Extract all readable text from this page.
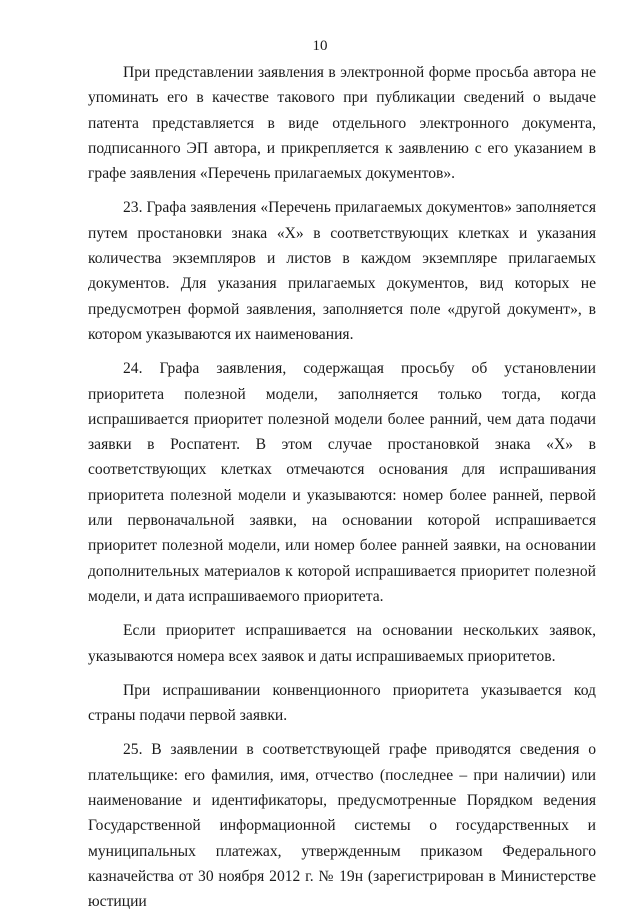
10

При представлении заявления в электронной форме просьба автора не упоминать его в качестве такового при публикации сведений о выдаче патента представляется в виде отдельного электронного документа, подписанного ЭП автора, и прикрепляется к заявлению с его указанием в графе заявления «Перечень прилагаемых документов».

23. Графа заявления «Перечень прилагаемых документов» заполняется путем простановки знака «Х» в соответствующих клетках и указания количества экземпляров и листов в каждом экземпляре прилагаемых документов. Для указания прилагаемых документов, вид которых не предусмотрен формой заявления, заполняется поле «другой документ», в котором указываются их наименования.

24. Графа заявления, содержащая просьбу об установлении приоритета полезной модели, заполняется только тогда, когда испрашивается приоритет полезной модели более ранний, чем дата подачи заявки в Роспатент. В этом случае простановкой знака «Х» в соответствующих клетках отмечаются основания для испрашивания приоритета полезной модели и указываются: номер более ранней, первой или первоначальной заявки, на основании которой испрашивается приоритет полезной модели, или номер более ранней заявки, на основании дополнительных материалов к которой испрашивается приоритет полезной модели, и дата испрашиваемого приоритета.

Если приоритет испрашивается на основании нескольких заявок, указываются номера всех заявок и даты испрашиваемых приоритетов.

При испрашивании конвенционного приоритета указывается код страны подачи первой заявки.

25. В заявлении в соответствующей графе приводятся сведения о плательщике: его фамилия, имя, отчество (последнее – при наличии) или наименование и идентификаторы, предусмотренные Порядком ведения Государственной информационной системы о государственных и муниципальных платежах, утвержденным приказом Федерального казначейства от 30 ноября 2012 г. № 19н (зарегистрирован в Министерстве юстиции
